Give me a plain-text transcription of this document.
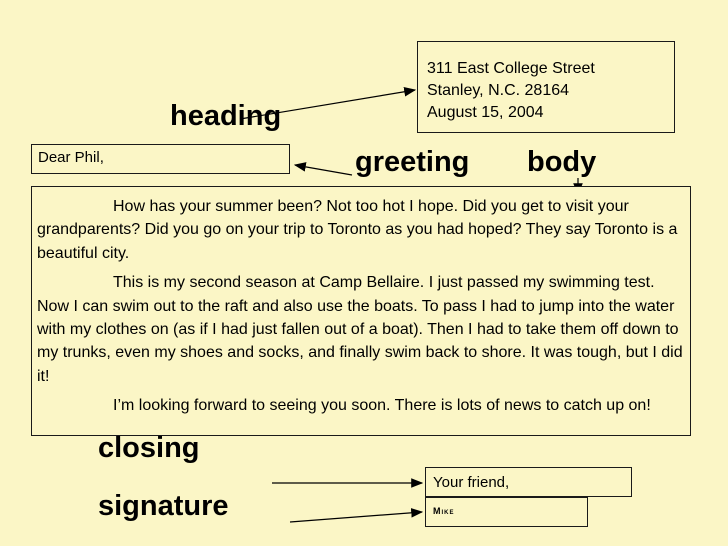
311 East College Street
Stanley, N.C. 28164
August 15, 2004
heading
Dear Phil,	greeting body

How has your summer been? Not too hot I hope. Did you get to visit your grandparents? Did you go on your trip to Toronto as you had hoped? They say Toronto is a beautiful city.

This is my second season at Camp Bellaire. I just passed my swimming test. Now I can swim out to the raft and also use the boats. To pass I had to jump into the water with my clothes on (as if I had just fallen out of a boat). Then I had to take them off down to my trunks, even my shoes and socks, and finally swim back to shore. It was tough, but I did it!

I’m looking forward to seeing you soon. There is lots of news to catch up on!

closing
signature
Your friend,
Mike
